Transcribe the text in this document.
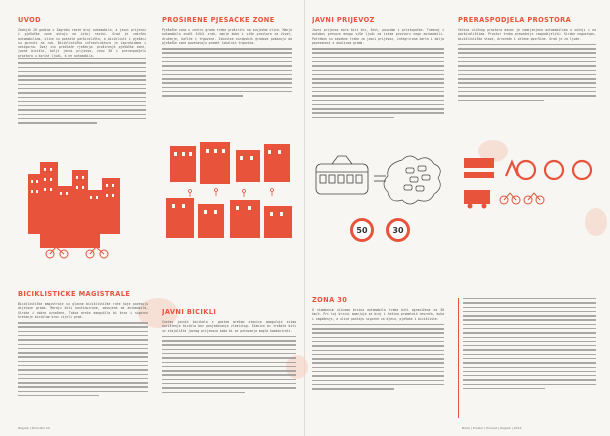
UVOD
Zadnjih 20 godina u Zagrebu raste broj automobila, a javni prijevoz i pješačke zone ostaju na istoj razini. Grad je zakrčen automobilima, ulice su postale parkirališta, a biciklisti i pješaci su gurnuti na rub. Biciklistička infrastruktura je isprekidana i nesigurna. Ovaj zin predlaže rješenja: proširenje pješačke zone, javne bicikle, bolji javni prijevoz, zonu 30 i preraspodjelu prostora u korist ljudi, a ne automobila.
PROŠIRENE PJEŠAČKE ZONE
Pješačke zone u centru grada treba proširiti na susjedne ulice. Manje automobila znači čišći zrak, manje buke i više prostora za život, druženje, kafiće i trgovine. Iskustva europskih gradova pokazuju da pješačke zone povećavaju promet lokalnih trgovina.
JAVNI PRIJEVOZ
Javni prijevoz mora biti brz, čest, pouzdan i pristupačan. Tramvaj i autobus prevoze mnogo više ljudi na istom prostoru nego automobili. Potrebne su zasebne trake za javni prijevoz, integrirana karta i bolja povezanost s okolicom grada.
50	30
PRERASPODJELA PROSTORA
Većina uličnog prostora danas je namijenjena automobilima u vožnji i na parkiralištima. Prostor treba pravednije raspodijeliti: široke nogostupe, biciklističke staze, drvorede i zelene površine. Grad je za ljude.
BICIKLISTIČKE MAGISTRALE
Biciklističke magistrale su glavne biciklističke rute koje povezuju dijelove grada. Moraju biti kontinuirane, odvojene od automobila, široke i dobro označene. Takva mreža omogućila bi brzo i sigurno kretanje biciklom kroz cijeli grad.
JAVNI BICIKLI
Sustav javnih bicikala s gustom mrežom stanica omogućuje svima korištenje bicikla bez posjedovanja vlastitog. Stanice bi trebale biti uz stajališta javnog prijevoza kako bi se putovanja mogla kombinirati.
ZONA 30
U stambenim ulicama brzina automobila treba biti ograničena na 30 km/h. Pri toj brzini smanjuje se broj i težina prometnih nesreća, buka i zagađenje, a ulice postaju sigurne za djecu, pješake i bicikliste.
Zagreb | Prometni zin	Bicikl | Prostor | Promet | Zagreb | 2024.
